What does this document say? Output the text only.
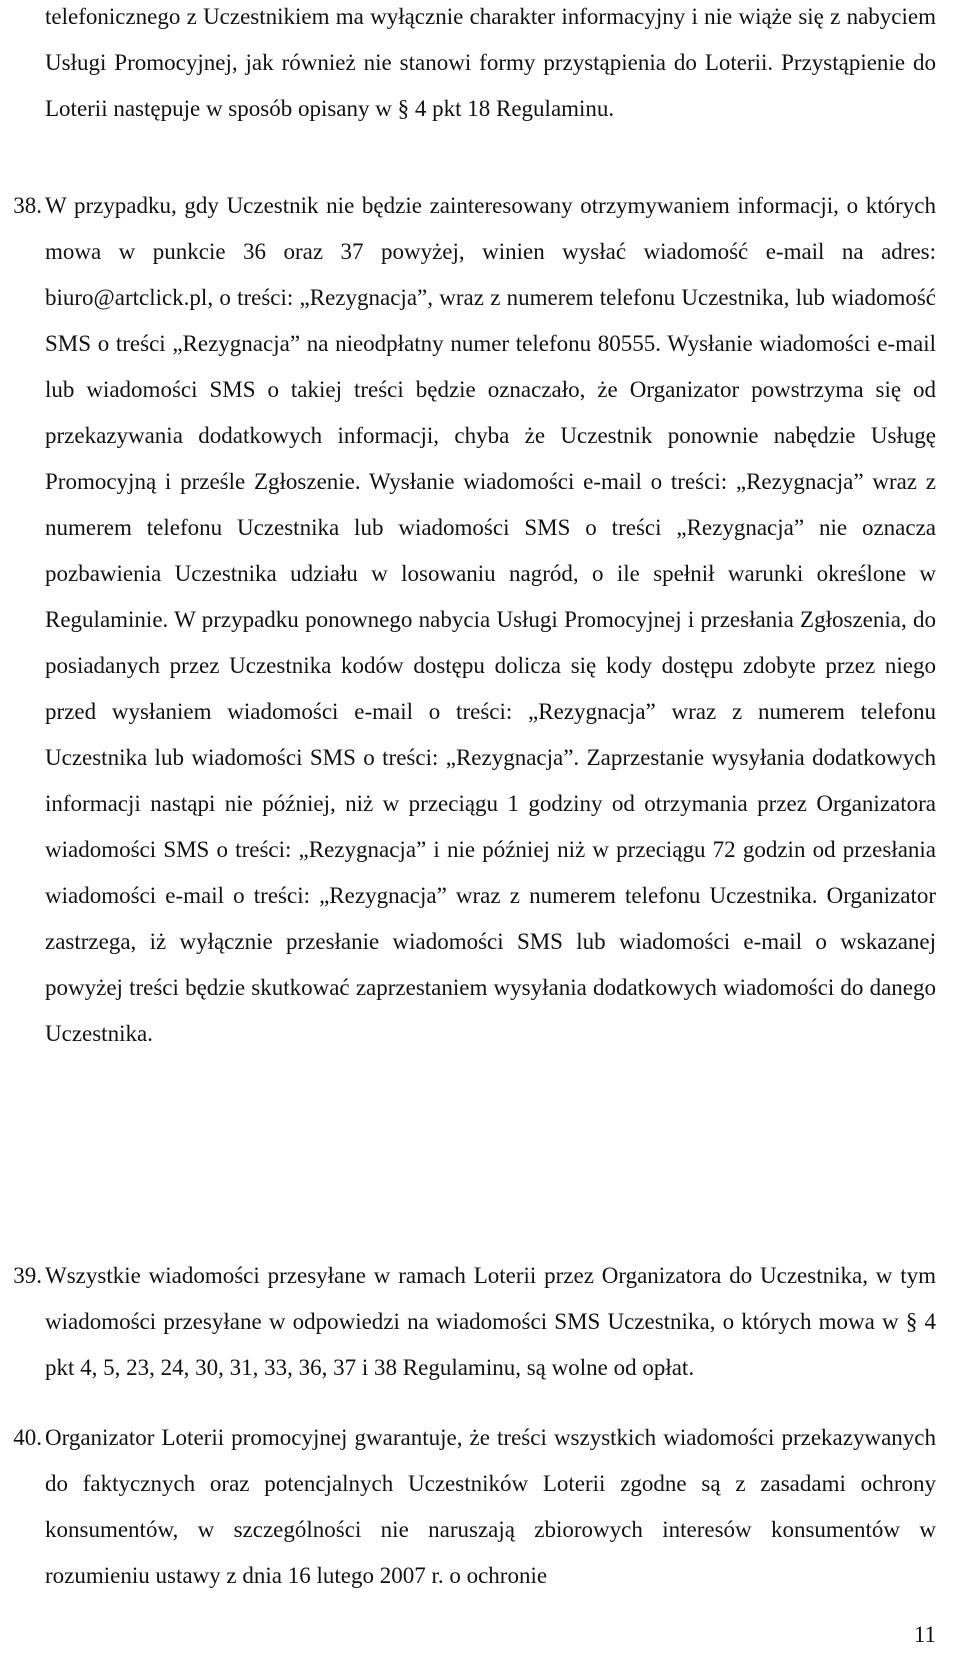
telefonicznego z Uczestnikiem ma wyłącznie charakter informacyjny i nie wiąże się z nabyciem Usługi Promocyjnej, jak również nie stanowi formy przystąpienia do Loterii. Przystąpienie do Loterii następuje w sposób opisany w § 4 pkt 18 Regulaminu.
38. W przypadku, gdy Uczestnik nie będzie zainteresowany otrzymywaniem informacji, o których mowa w punkcie 36 oraz 37 powyżej, winien wysłać wiadomość e-mail na adres: biuro@artclick.pl, o treści: „Rezygnacja”, wraz z numerem telefonu Uczestnika, lub wiadomość SMS o treści „Rezygnacja” na nieodpłatny numer telefonu 80555. Wysłanie wiadomości e-mail lub wiadomości SMS o takiej treści będzie oznaczało, że Organizator powstrzyma się od przekazywania dodatkowych informacji, chyba że Uczestnik ponownie nabędzie Usługę Promocyjną i prześle Zgłoszenie. Wysłanie wiadomości e-mail o treści: „Rezygnacja” wraz z numerem telefonu Uczestnika lub wiadomości SMS o treści „Rezygnacja” nie oznacza pozbawienia Uczestnika udziału w losowaniu nagród, o ile spełnił warunki określone w Regulaminie. W przypadku ponownego nabycia Usługi Promocyjnej i przesłania Zgłoszenia, do posiadanych przez Uczestnika kodów dostępu dolicza się kody dostępu zdobyte przez niego przed wysłaniem wiadomości e-mail o treści: „Rezygnacja” wraz z numerem telefonu Uczestnika lub wiadomości SMS o treści: „Rezygnacja”. Zaprzestanie wysyłania dodatkowych informacji nastąpi nie później, niż w przeciągu 1 godziny od otrzymania przez Organizatora wiadomości SMS o treści: „Rezygnacja” i nie później niż w przeciągu 72 godzin od przesłania wiadomości e-mail o treści: „Rezygnacja” wraz z numerem telefonu Uczestnika. Organizator zastrzega, iż wyłącznie przesłanie wiadomości SMS lub wiadomości e-mail o wskazanej powyżej treści będzie skutkować zaprzestaniem wysyłania dodatkowych wiadomości do danego Uczestnika.
39. Wszystkie wiadomości przesyłane w ramach Loterii przez Organizatora do Uczestnika, w tym wiadomości przesyłane w odpowiedzi na wiadomości SMS Uczestnika, o których mowa w § 4 pkt 4, 5, 23, 24, 30, 31, 33, 36, 37 i 38 Regulaminu, są wolne od opłat.
40. Organizator Loterii promocyjnej gwarantuje, że treści wszystkich wiadomości przekazywanych do faktycznych oraz potencjalnych Uczestników Loterii zgodne są z zasadami ochrony konsumentów, w szczególności nie naruszają zbiorowych interesów konsumentów w rozumieniu ustawy z dnia 16 lutego 2007 r. o ochronie
11
